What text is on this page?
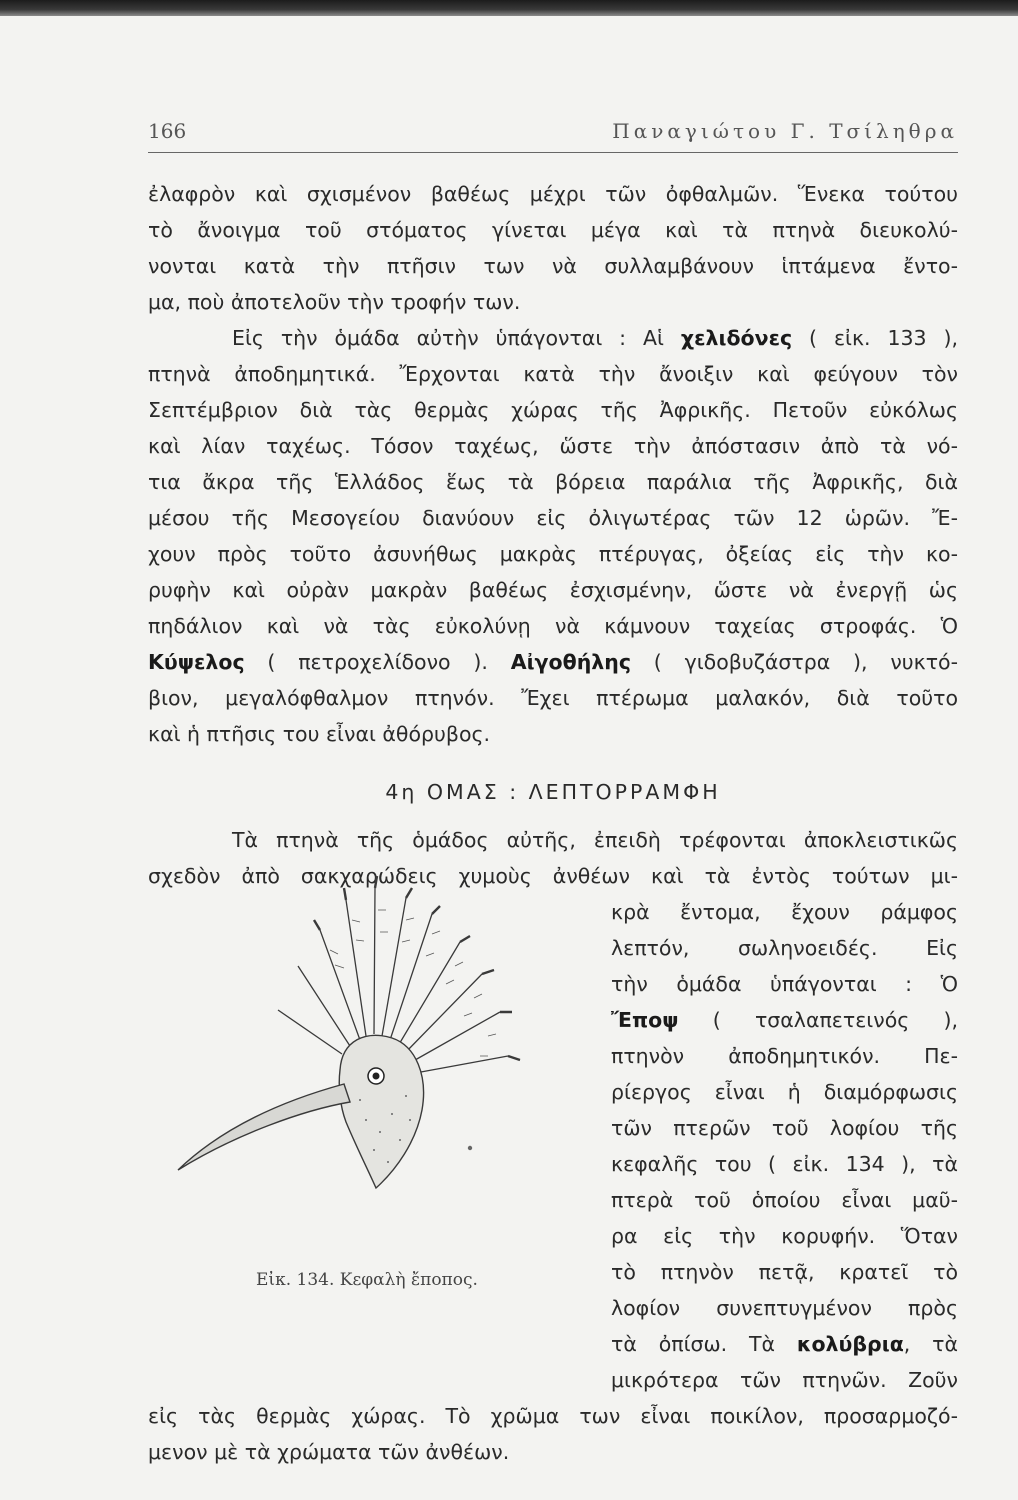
166	Παναγιώτου Γ. Τσίληθρα
ἐλαφρὸν καὶ σχισμένον βαθέως μέχρι τῶν ὀφθαλμῶν. Ἕνεκα τούτου
τὸ ἄνοιγμα τοῦ στόματος γίνεται μέγα καὶ τὰ πτηνὰ διευκολύ-
νονται κατὰ τὴν πτῆσιν των νὰ συλλαμβάνουν ἱπτάμενα ἔντο-
μα, ποὺ ἀποτελοῦν τὴν τροφήν των.
Εἰς τὴν ὁμάδα αὐτὴν ὑπάγονται : Αἱ χελιδόνες ( εἰκ. 133 ),
πτηνὰ ἀποδημητικά. Ἔρχονται κατὰ τὴν ἄνοιξιν καὶ φεύγουν τὸν
Σεπτέμβριον διὰ τὰς θερμὰς χώρας τῆς Ἀφρικῆς. Πετοῦν εὐκόλως
καὶ λίαν ταχέως. Τόσον ταχέως, ὥστε τὴν ἀπόστασιν ἀπὸ τὰ νό-
τια ἄκρα τῆς Ἑλλάδος ἕως τὰ βόρεια παράλια τῆς Ἀφρικῆς, διὰ
μέσου τῆς Μεσογείου διανύουν εἰς ὀλιγωτέρας τῶν 12 ὡρῶν. Ἔ-
χουν πρὸς τοῦτο ἀσυνήθως μακρὰς πτέρυγας, ὀξείας εἰς τὴν κο-
ρυφὴν καὶ οὐρὰν μακρὰν βαθέως ἐσχισμένην, ὥστε νὰ ἐνεργῇ ὡς
πηδάλιον καὶ νὰ τὰς εὐκολύνῃ νὰ κάμνουν ταχείας στροφάς. Ὁ
Κύψελος ( πετροχελίδονο ). Αἰγοθήλης ( γιδοβυζάστρα ), νυκτό-
βιον, μεγαλόφθαλμον πτηνόν. Ἔχει πτέρωμα μαλακόν, διὰ τοῦτο
καὶ ἡ πτῆσις του εἶναι ἀθόρυβος.
4η ΟΜΑΣ : ΛΕΠΤΟΡΡΑΜΦΗ
Τὰ πτηνὰ τῆς ὁμάδος αὐτῆς, ἐπειδὴ τρέφονται ἀποκλειστικῶς
σχεδὸν ἀπὸ σακχαρώδεις χυμοὺς ἀνθέων καὶ τὰ ἐντὸς τούτων μι-
κρὰ ἔντομα, ἔχουν ράμφος
λεπτόν, σωληνοειδές. Εἰς
τὴν ὁμάδα ὑπάγονται : Ὁ
Ἔποψ ( τσαλαπετεινός ),
πτηνὸν ἀποδημητικόν. Πε-
ρίεργος εἶναι ἡ διαμόρφωσις
τῶν πτερῶν τοῦ λοφίου τῆς
κεφαλῆς του ( εἰκ. 134 ), τὰ
πτερὰ τοῦ ὁποίου εἶναι μαῦ-
ρα εἰς τὴν κορυφήν. Ὅταν
τὸ πτηνὸν πετᾷ, κρατεῖ τὸ
λοφίον συνεπτυγμένον πρὸς
τὰ ὀπίσω. Τὰ κολύβρια, τὰ
μικρότερα τῶν πτηνῶν. Ζοῦν
εἰς τὰς θερμὰς χώρας. Τὸ χρῶμα των εἶναι ποικίλον, προσαρμοζό-
μενον μὲ τὰ χρώματα τῶν ἀνθέων.
Εἰκ. 134. Κεφαλὴ ἔποπος.
